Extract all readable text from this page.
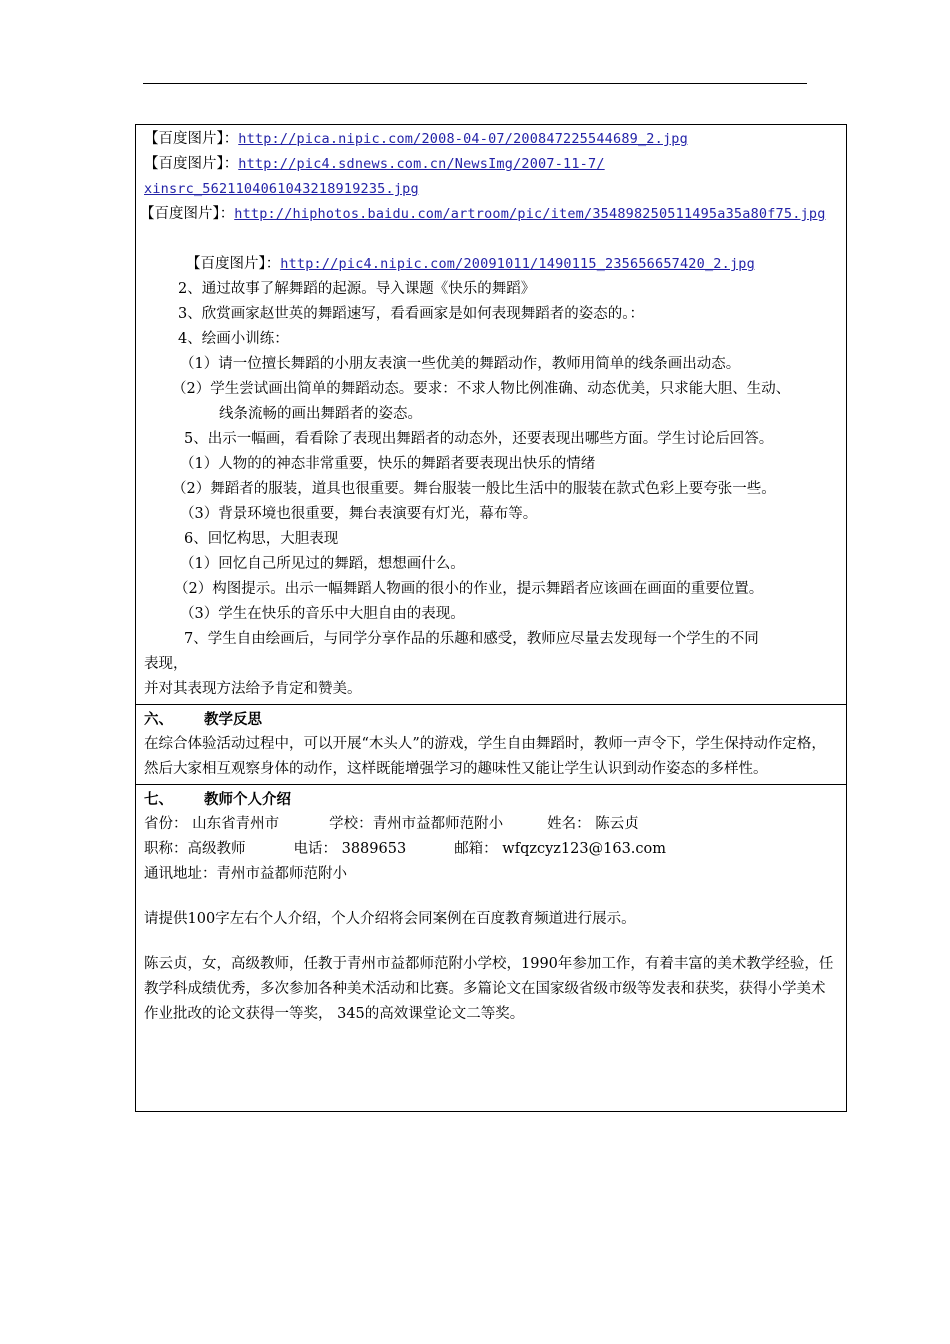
【百度图片】：http://pica.nipic.com/2008-04-07/200847225544689_2.jpg
【百度图片】：http://pic4.sdnews.com.cn/NewsImg/2007-11-7/
xinsrc_5621104061043218919235.jpg
【百度图片】：http://hiphotos.baidu.com/artroom/pic/item/354898250511495a35a80f75.jpg
【百度图片】：http://pic4.nipic.com/20091011/1490115_235656657420_2.jpg
2、通过故事了解舞蹈的起源。导入课题《快乐的舞蹈》
3、欣赏画家赵世英的舞蹈速写，看看画家是如何表现舞蹈者的姿态的。：
4、绘画小训练：
（1）请一位擅长舞蹈的小朋友表演一些优美的舞蹈动作，教师用简单的线条画出动态。
（2）学生尝试画出简单的舞蹈动态。要求：不求人物比例准确、动态优美，只求能大胆、生动、
线条流畅的画出舞蹈者的姿态。
5、出示一幅画，看看除了表现出舞蹈者的动态外，还要表现出哪些方面。学生讨论后回答。
（1）人物的的神态非常重要，快乐的舞蹈者要表现出快乐的情绪
（2）舞蹈者的服装，道具也很重要。舞台服装一般比生活中的服装在款式色彩上要夸张一些。
（3）背景环境也很重要，舞台表演要有灯光，幕布等。
6、回忆构思，大胆表现
（1）回忆自己所见过的舞蹈，想想画什么。
（2）构图提示。出示一幅舞蹈人物画的很小的作业，提示舞蹈者应该画在画面的重要位置。
（3）学生在快乐的音乐中大胆自由的表现。
7、学生自由绘画后，与同学分享作品的乐趣和感受，教师应尽量去发现每一个学生的不同
表现，
并对其表现方法给予肯定和赞美。
六、 教学反思
在综合体验活动过程中，可以开展“木头人”的游戏，学生自由舞蹈时，教师一声令下，学生保持动作定格，然后大家相互观察身体的动作，这样既能增强学习的趣味性又能让学生认识到动作姿态的多样性。
七、 教师个人介绍
省份： 山东省青州市	学校：青州市益都师范附小	姓名： 陈云贞
职称：高级教师	电话： 3889653	邮箱： wfqzcyz123@163.com
通讯地址：青州市益都师范附小
请提供100字左右个人介绍，个人介绍将会同案例在百度教育频道进行展示。
陈云贞，女，高级教师，任教于青州市益都师范附小学校，1990年参加工作，有着丰富的美术教学经验，任教学科成绩优秀，多次参加各种美术活动和比赛。多篇论文在国家级省级市级等发表和获奖，获得小学美术作业批改的论文获得一等奖， 345的高效课堂论文二等奖。
